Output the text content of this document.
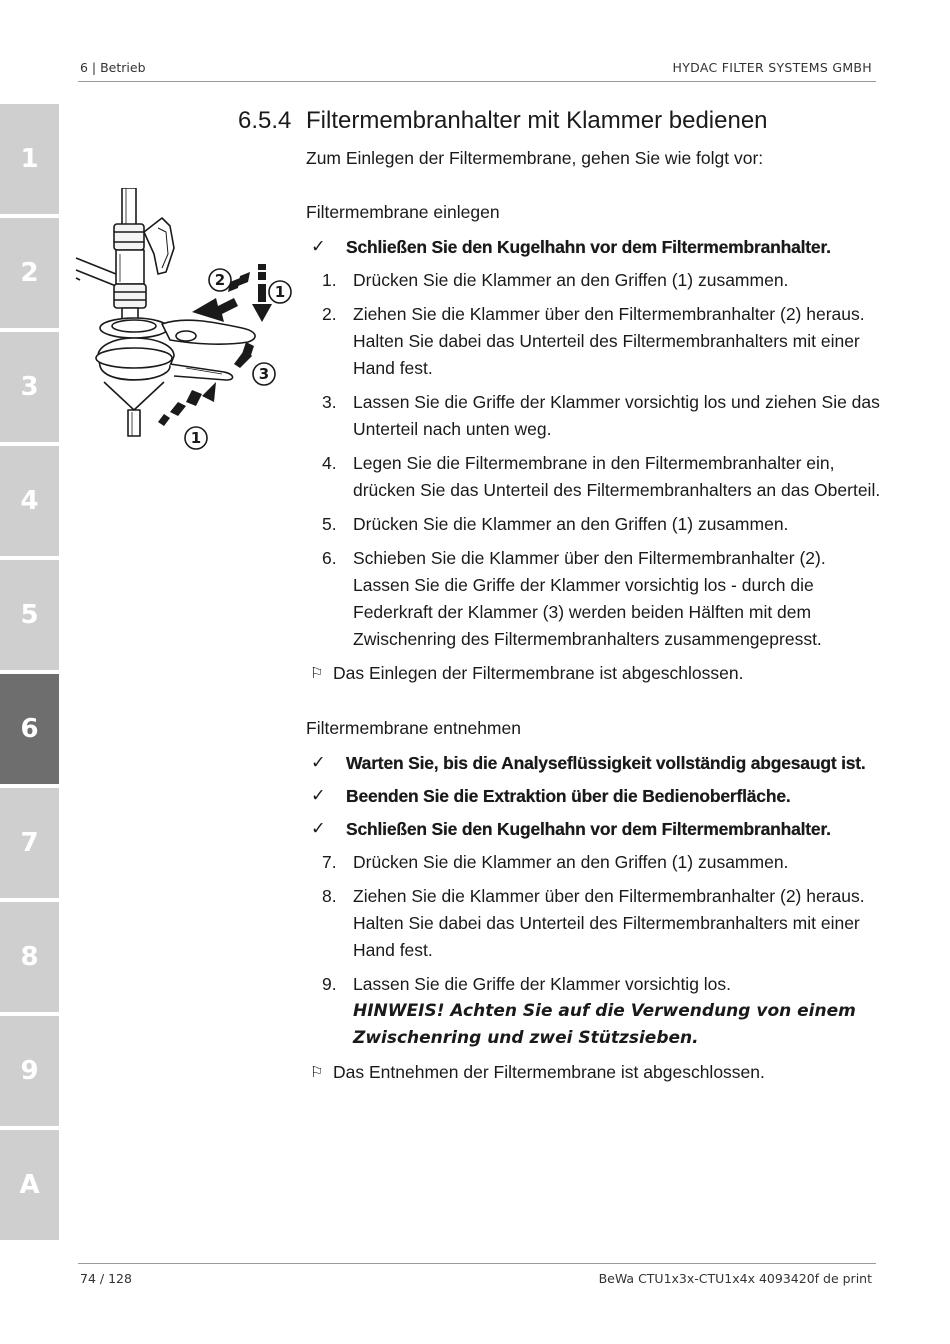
6 | Betrieb	HYDAC FILTER SYSTEMS GMBH
1
2
3
4
5
6
7
8
9
A
6.5.4 Filtermembranhalter mit Klammer bedienen
Zum Einlegen der Filtermembrane, gehen Sie wie folgt vor:
2
1
3
1
Filtermembrane einlegen
✓ Schließen Sie den Kugelhahn vor dem Filtermembranhalter.
1. Drücken Sie die Klammer an den Griffen (1) zusammen.
2. Ziehen Sie die Klammer über den Filtermembranhalter (2) heraus. Halten Sie dabei das Unterteil des Filtermembranhalters mit einer Hand fest.
3. Lassen Sie die Griffe der Klammer vorsichtig los und ziehen Sie das Unterteil nach unten weg.
4. Legen Sie die Filtermembrane in den Filtermembranhalter ein, drücken Sie das Unterteil des Filtermembranhalters an das Oberteil.
5. Drücken Sie die Klammer an den Griffen (1) zusammen.
6. Schieben Sie die Klammer über den Filtermembranhalter (2). Lassen Sie die Griffe der Klammer vorsichtig los - durch die Federkraft der Klammer (3) werden beiden Hälften mit dem Zwischenring des Filtermembranhalters zusammengepresst.
⚐ Das Einlegen der Filtermembrane ist abgeschlossen.
Filtermembrane entnehmen
✓ Warten Sie, bis die Analyseflüssigkeit vollständig abgesaugt ist.
✓ Beenden Sie die Extraktion über die Bedienoberfläche.
✓ Schließen Sie den Kugelhahn vor dem Filtermembranhalter.
7. Drücken Sie die Klammer an den Griffen (1) zusammen.
8. Ziehen Sie die Klammer über den Filtermembranhalter (2) heraus. Halten Sie dabei das Unterteil des Filtermembranhalters mit einer Hand fest.
9. Lassen Sie die Griffe der Klammer vorsichtig los.
HINWEIS! Achten Sie auf die Verwendung von einem Zwischenring und zwei Stützsieben.
⚐ Das Entnehmen der Filtermembrane ist abgeschlossen.
74 / 128	BeWa CTU1x3x-CTU1x4x 4093420f de print
